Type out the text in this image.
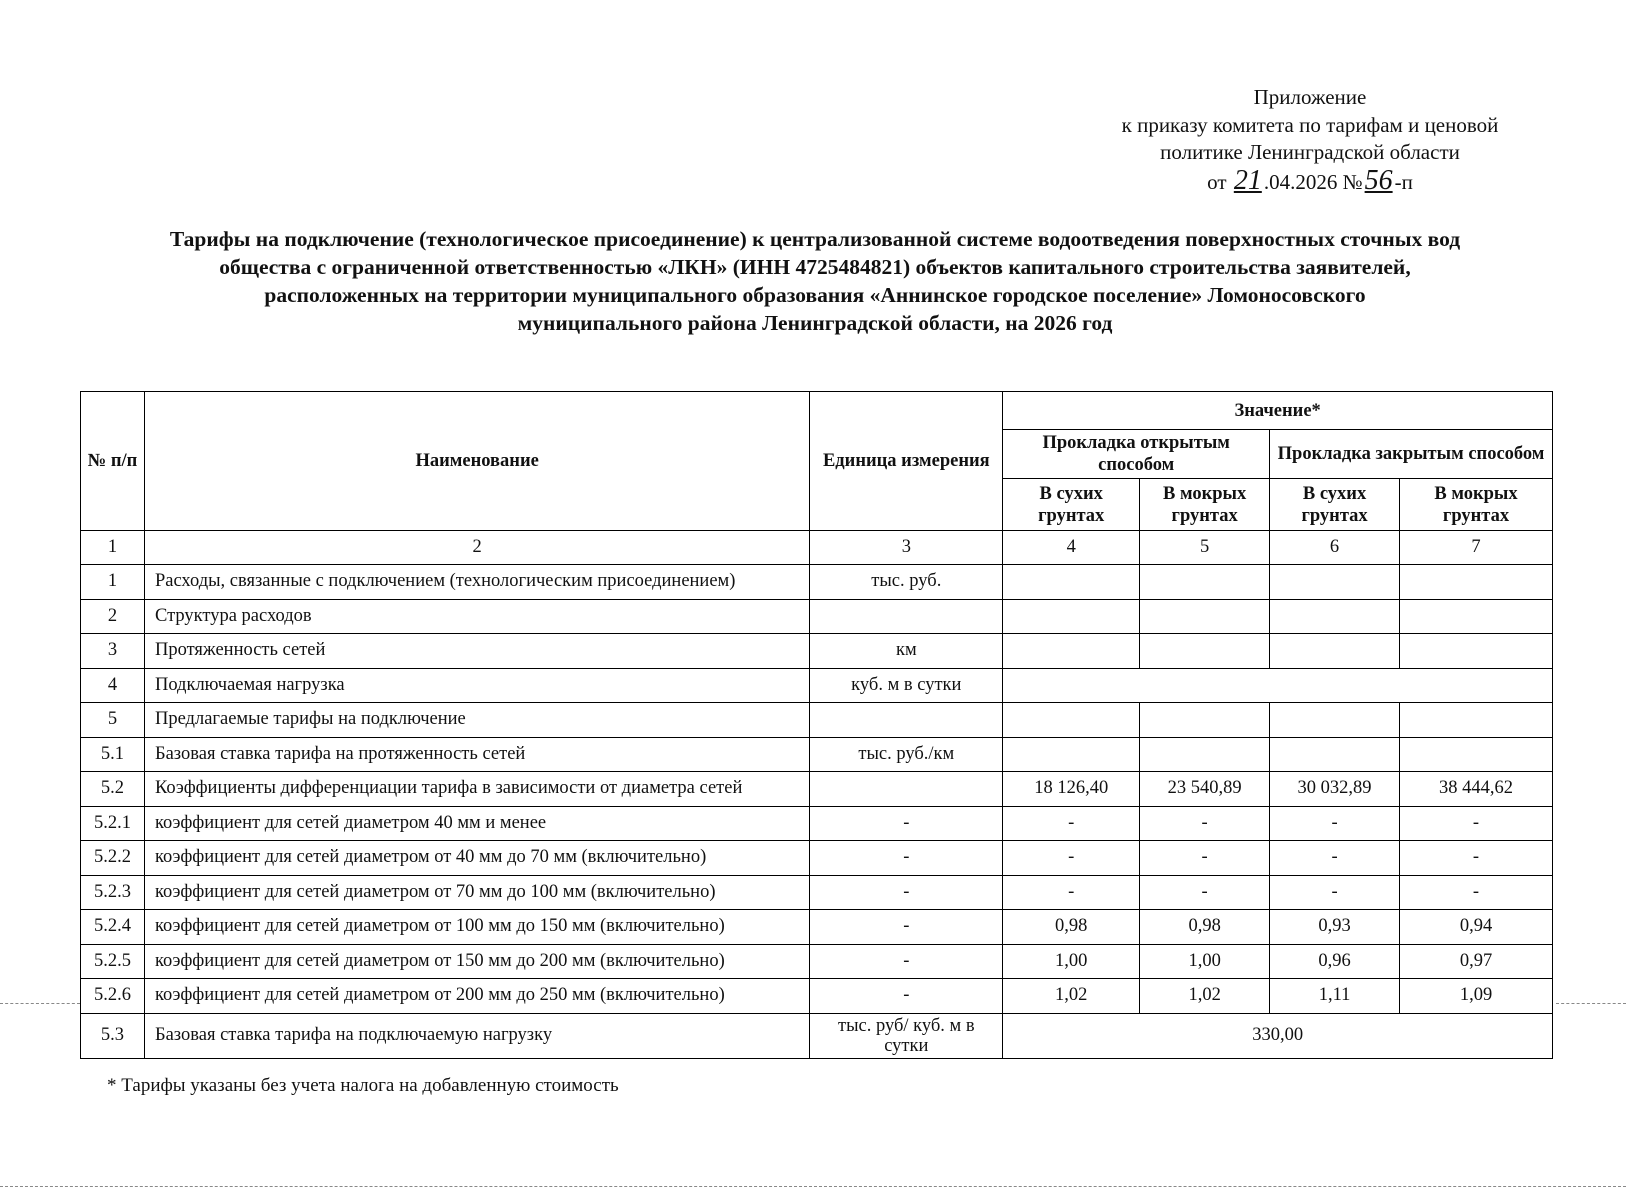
Приложение
к приказу комитета по тарифам и ценовой
политике Ленинградской области
от 21.04.2026 №56-п
Тарифы на подключение (технологическое присоединение) к централизованной системе водоотведения поверхностных сточных вод
общества с ограниченной ответственностью «ЛКН» (ИНН 4725484821) объектов капитального строительства заявителей,
расположенных на территории муниципального образования «Аннинское городское поселение» Ломоносовского
муниципального района Ленинградской области, на 2026 год
№ п/п	Наименование	Единица измерения	Значение*			
			Прокладка открытым способом		Прокладка закрытым способом	
			В сухих грунтах	В мокрых грунтах	В сухих грунтах	В мокрых грунтах
1	2	3	4	5	6	7
1	Расходы, связанные с подключением (технологическим присоединением)	тыс. руб.				
2	Структура расходов					
3	Протяженность сетей	км				
4	Подключаемая нагрузка	куб. м в сутки				
5	Предлагаемые тарифы на подключение					
5.1	Базовая ставка тарифа на протяженность сетей	тыс. руб./км				
5.2	Коэффициенты дифференциации тарифа в зависимости от диаметра сетей		18 126,40	23 540,89	30 032,89	38 444,62
5.2.1	коэффициент для сетей диаметром 40 мм и менее	-	-	-	-	-
5.2.2	коэффициент для сетей диаметром от 40 мм до 70 мм (включительно)	-	-	-	-	-
5.2.3	коэффициент для сетей диаметром от 70 мм до 100 мм (включительно)	-	-	-	-	-
5.2.4	коэффициент для сетей диаметром от 100 мм до 150 мм (включительно)	-	0,98	0,98	0,93	0,94
5.2.5	коэффициент для сетей диаметром от 150 мм до 200 мм (включительно)	-	1,00	1,00	0,96	0,97
5.2.6	коэффициент для сетей диаметром от 200 мм до 250 мм (включительно)	-	1,02	1,02	1,11	1,09
5.3	Базовая ставка тарифа на подключаемую нагрузку	тыс. руб/ куб. м в сутки	330,00			
* Тарифы указаны без учета налога на добавленную стоимость
